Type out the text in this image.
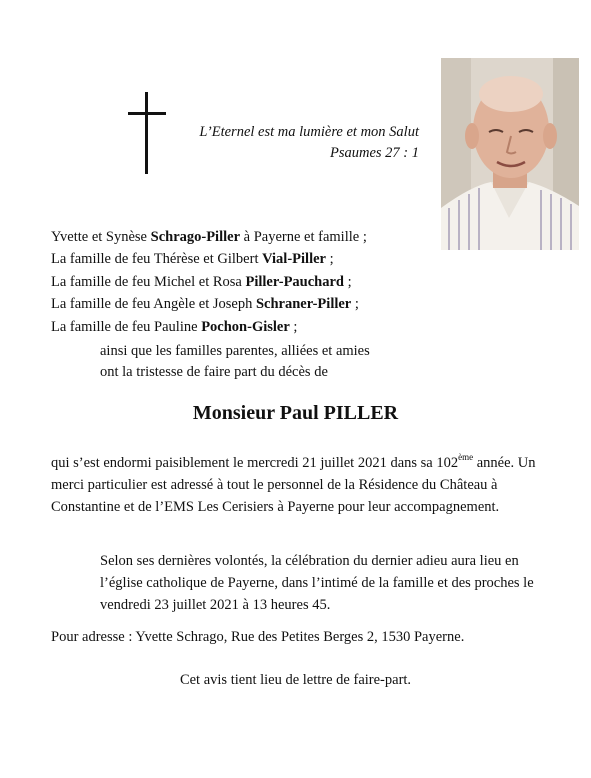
L’Eternel est ma lumière et mon Salut
Psaumes 27 : 1
Yvette et Synèse Schrago-Piller à Payerne et famille ;
La famille de feu Thérèse et Gilbert Vial-Piller ;
La famille de feu Michel et Rosa Piller-Pauchard ;
La famille de feu Angèle et Joseph Schraner-Piller ;
La famille de feu Pauline Pochon-Gisler ;
ainsi que les familles parentes, alliées et amies
ont la tristesse de faire part du décès de
Monsieur Paul PILLER
qui s’est endormi paisiblement le mercredi 21 juillet 2021 dans sa 102ème année. Un merci particulier est adressé à tout le personnel de la Résidence du Château à Constantine et de l’EMS Les Cerisiers à Payerne pour leur accompagnement.
Selon ses dernières volontés, la célébration du dernier adieu aura lieu en l’église catholique de Payerne, dans l’intimé de la famille et des proches le vendredi 23 juillet 2021 à 13 heures 45.
Pour adresse : Yvette Schrago, Rue des Petites Berges 2, 1530 Payerne.
Cet avis tient lieu de lettre de faire-part.
